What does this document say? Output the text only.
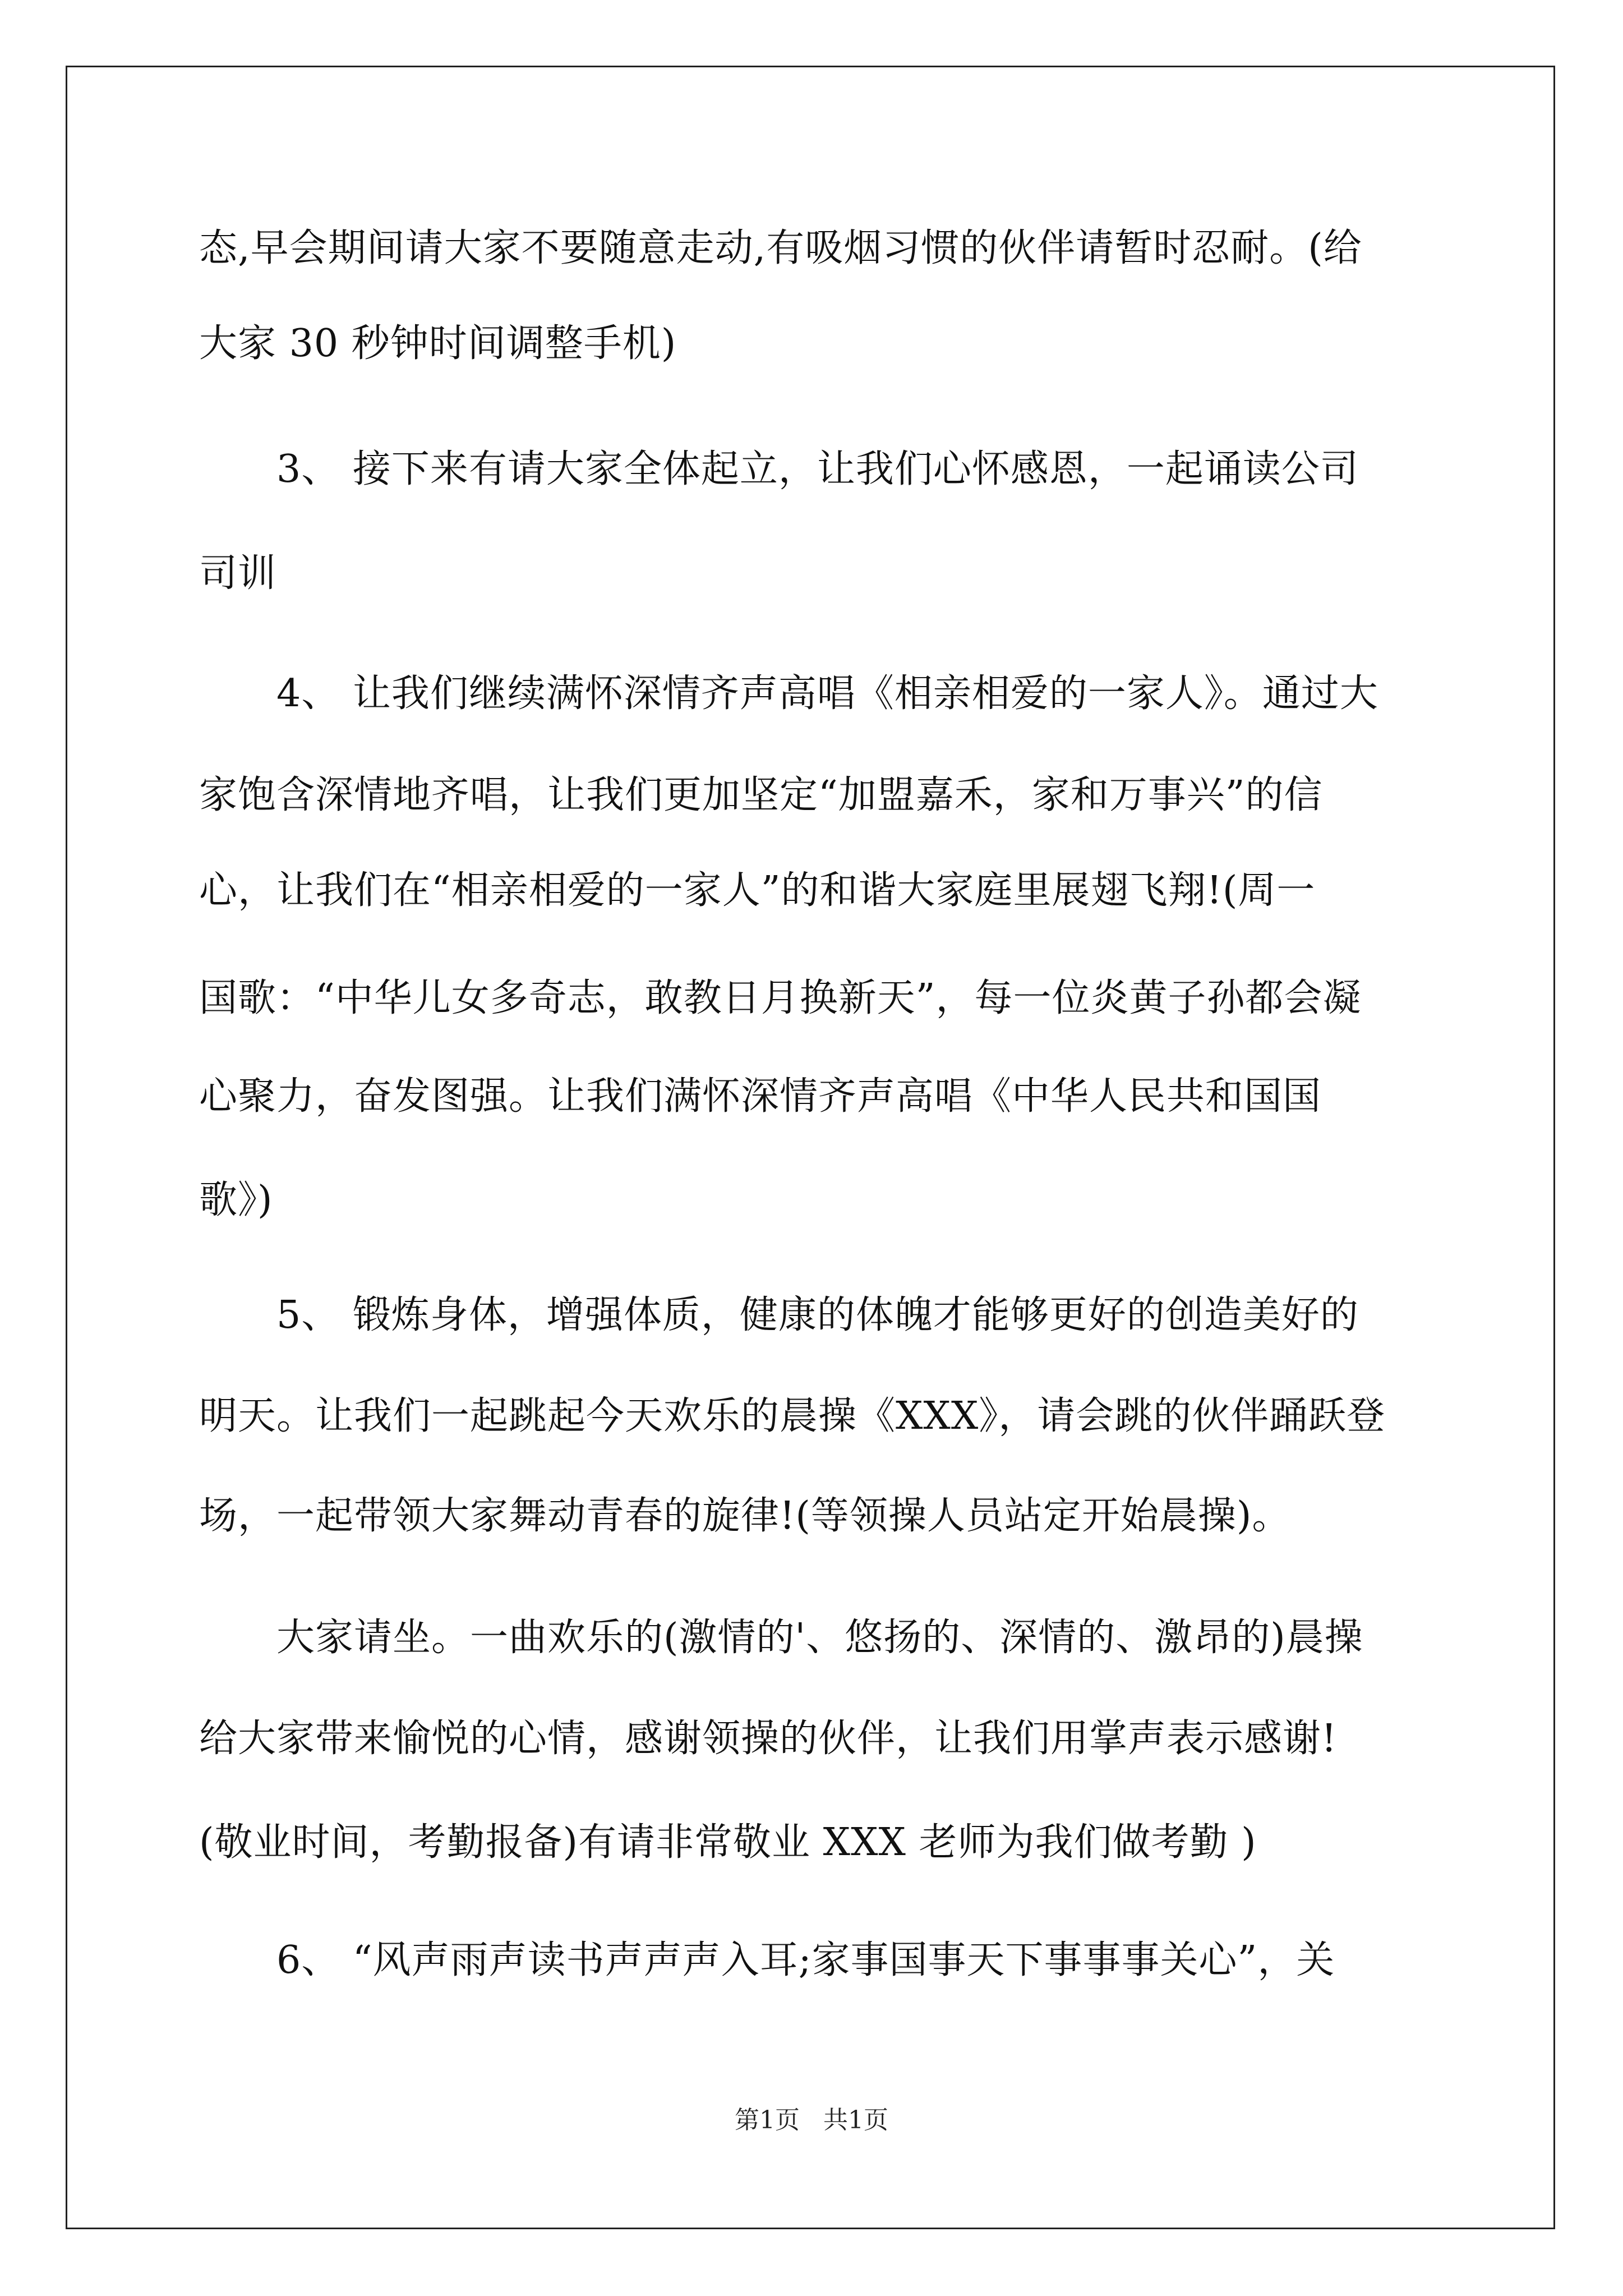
态,早会期间请大家不要随意走动,有吸烟习惯的伙伴请暂时忍耐。(给
大家 30 秒钟时间调整手机)
　　3、 接下来有请大家全体起立，让我们心怀感恩，一起诵读公司
司训
　　4、 让我们继续满怀深情齐声高唱《相亲相爱的一家人》。通过大
家饱含深情地齐唱，让我们更加坚定“加盟嘉禾，家和万事兴”的信
心，让我们在“相亲相爱的一家人”的和谐大家庭里展翅飞翔!(周一
国歌：“中华儿女多奇志，敢教日月换新天”，每一位炎黄子孙都会凝
心聚力，奋发图强。让我们满怀深情齐声高唱《中华人民共和国国
歌》)
　　5、 锻炼身体，增强体质，健康的体魄才能够更好的创造美好的
明天。让我们一起跳起今天欢乐的晨操《XXX》，请会跳的伙伴踊跃登
场，一起带领大家舞动青春的旋律!(等领操人员站定开始晨操)。
　　大家请坐。一曲欢乐的(激情的'、悠扬的、深情的、激昂的)晨操
给大家带来愉悦的心情，感谢领操的伙伴，让我们用掌声表示感谢!
(敬业时间，考勤报备)有请非常敬业 XXX 老师为我们做考勤 )
　　6、 “风声雨声读书声声声入耳;家事国事天下事事事关心”，关
第1页   共1页
